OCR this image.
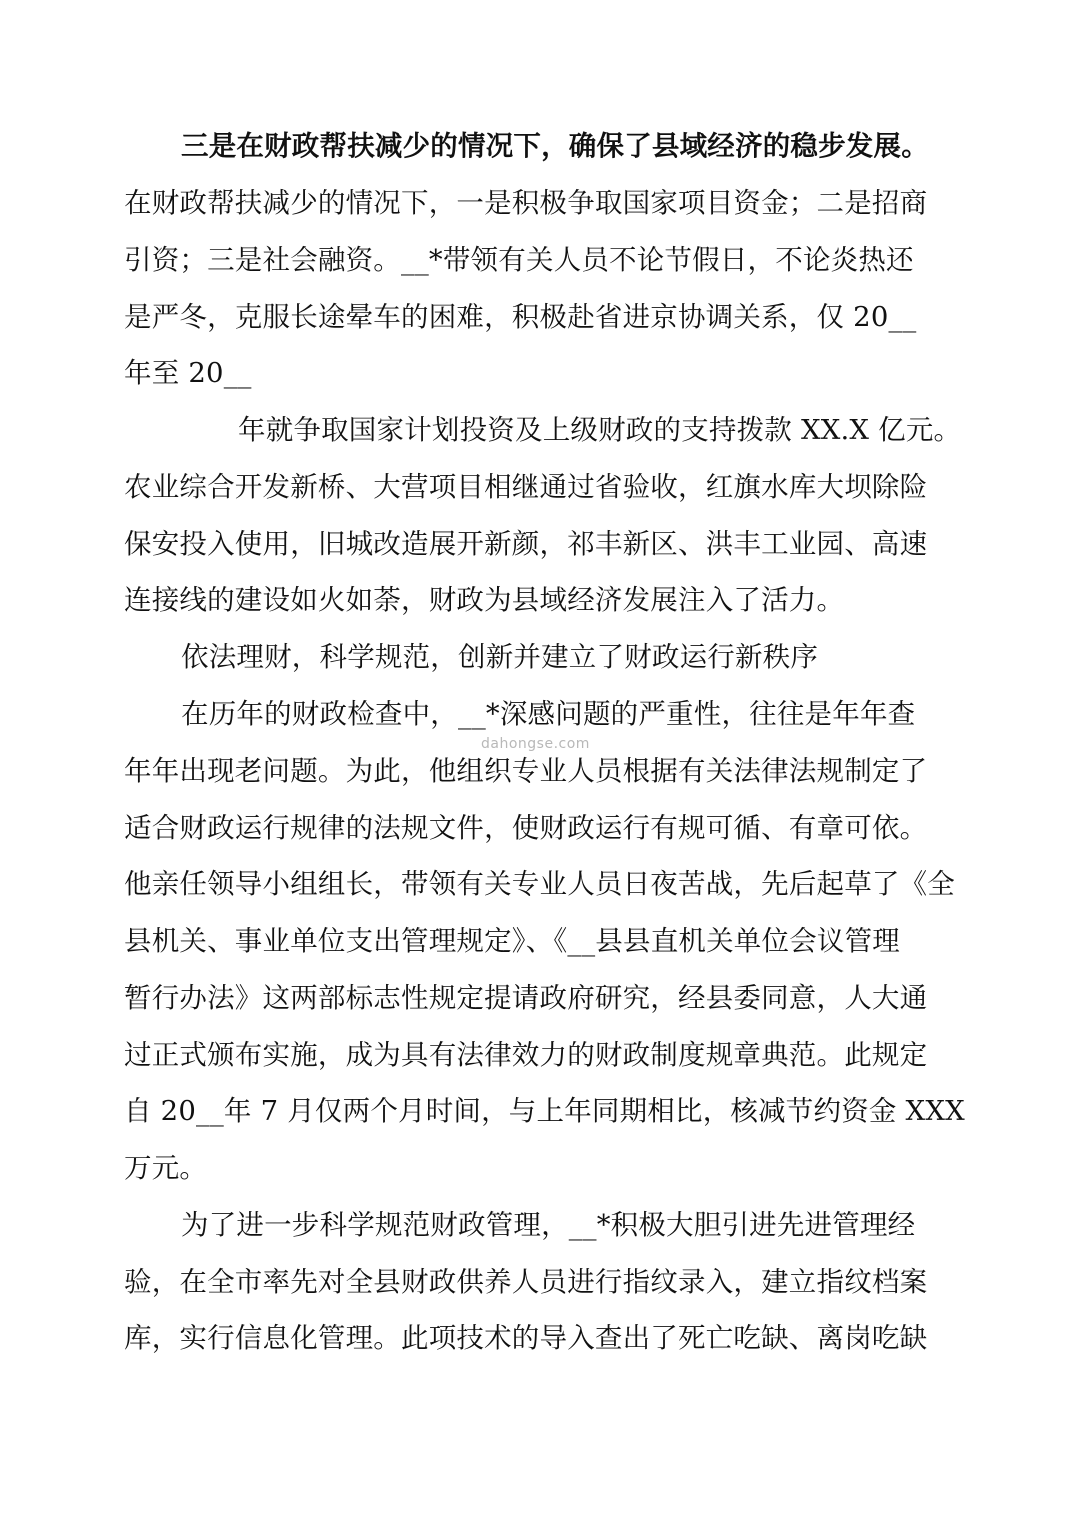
三是在财政帮扶减少的情况下，确保了县域经济的稳步发展。
在财政帮扶减少的情况下，一是积极争取国家项目资金；二是招商
引资；三是社会融资。__*带领有关人员不论节假日，不论炎热还
是严冬，克服长途晕车的困难，积极赴省进京协调关系，仅 20__
年至 20__
年就争取国家计划投资及上级财政的支持拨款 XX.X 亿元。
农业综合开发新桥、大营项目相继通过省验收，红旗水库大坝除险
保安投入使用，旧城改造展开新颜，祁丰新区、洪丰工业园、高速
连接线的建设如火如荼，财政为县域经济发展注入了活力。
依法理财，科学规范，创新并建立了财政运行新秩序
在历年的财政检查中，__*深感问题的严重性，往往是年年查
年年出现老问题。为此，他组织专业人员根据有关法律法规制定了
适合财政运行规律的法规文件，使财政运行有规可循、有章可依。
他亲任领导小组组长，带领有关专业人员日夜苦战，先后起草了《全
县机关、事业单位支出管理规定》、《__县县直机关单位会议管理
暂行办法》这两部标志性规定提请政府研究，经县委同意，人大通
过正式颁布实施，成为具有法律效力的财政制度规章典范。此规定
自 20__年 7 月仅两个月时间，与上年同期相比，核减节约资金 XXX
万元。
为了进一步科学规范财政管理，__*积极大胆引进先进管理经
验，在全市率先对全县财政供养人员进行指纹录入，建立指纹档案
库，实行信息化管理。此项技术的导入查出了死亡吃缺、离岗吃缺
dahongse.com
